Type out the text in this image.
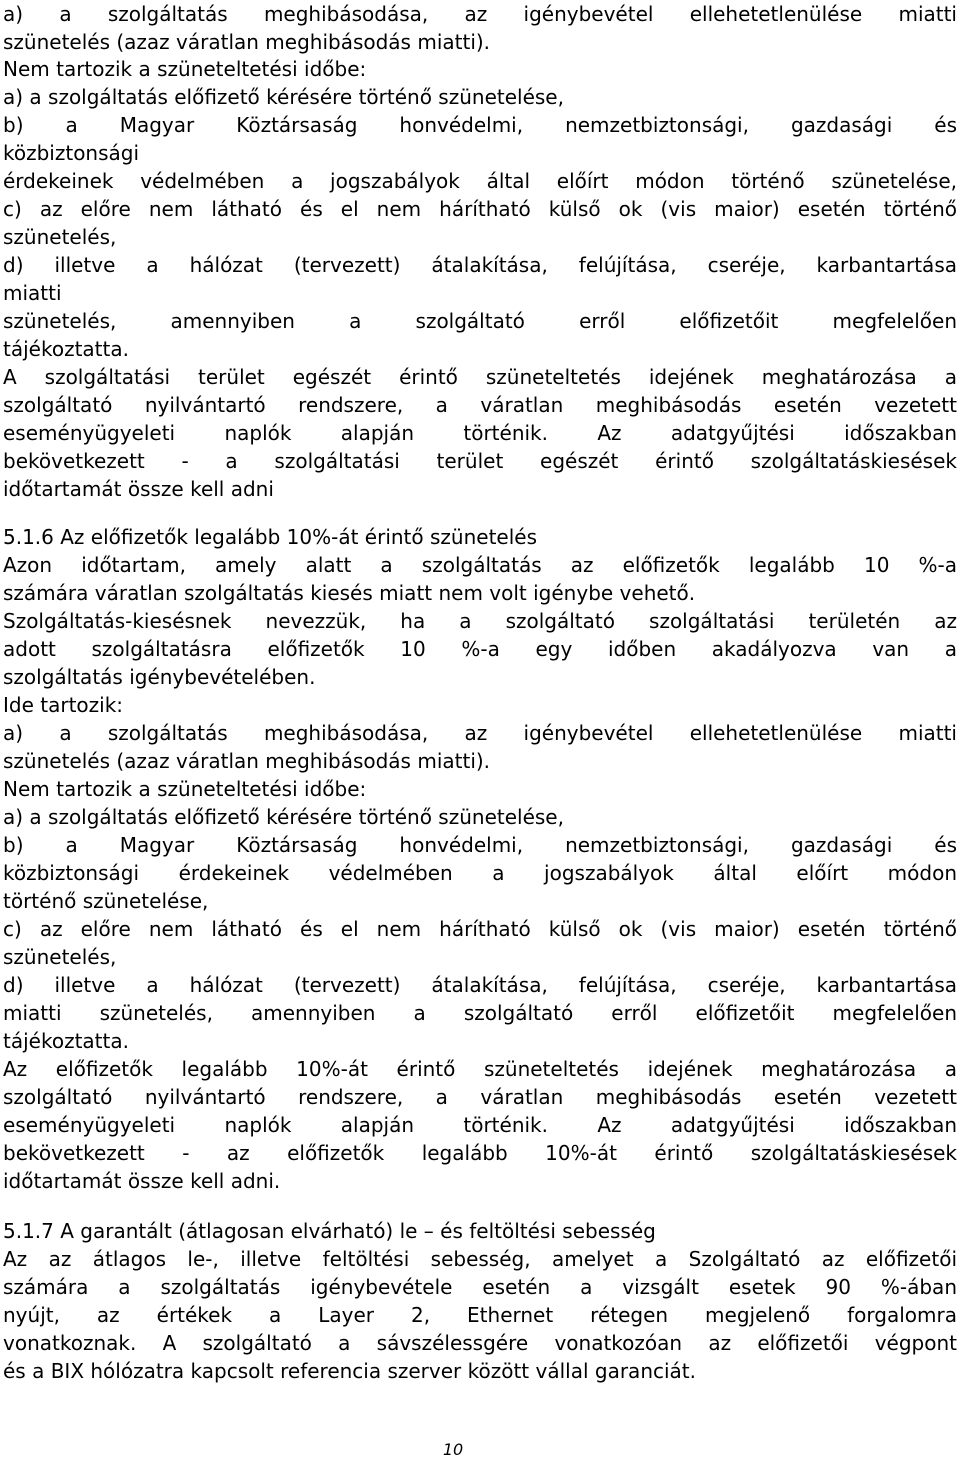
a) a szolgáltatás meghibásodása, az igénybevétel ellehetetlenülése miatti
szünetelés (azaz váratlan meghibásodás miatti).
Nem tartozik a szüneteltetési időbe:
a) a szolgáltatás előfizető kérésére történő szünetelése,
b) a Magyar Köztársaság honvédelmi, nemzetbiztonsági, gazdasági és
közbiztonsági
érdekeinek védelmében a jogszabályok által előírt módon történő szünetelése,
c) az előre nem látható és el nem hárítható külső ok (vis maior) esetén történő
szünetelés,
d) illetve a hálózat (tervezett) átalakítása, felújítása, cseréje, karbantartása
miatti
szünetelés, amennyiben a szolgáltató erről előfizetőit megfelelően
tájékoztatta.
A szolgáltatási terület egészét érintő szüneteltetés idejének meghatározása a
szolgáltató nyilvántartó rendszere, a váratlan meghibásodás esetén vezetett
eseményügyeleti naplók alapján történik. Az adatgyűjtési időszakban
bekövetkezett - a szolgáltatási terület egészét érintő szolgáltatáskiesések
időtartamát össze kell adni
5.1.6 Az előfizetők legalább 10%-át érintő szünetelés
Azon időtartam, amely alatt a szolgáltatás az előfizetők legalább 10 %-a
számára váratlan szolgáltatás kiesés miatt nem volt igénybe vehető.
Szolgáltatás-kiesésnek nevezzük, ha a szolgáltató szolgáltatási területén az
adott szolgáltatásra előfizetők 10 %-a egy időben akadályozva van a
szolgáltatás igénybevételében.
Ide tartozik:
a) a szolgáltatás meghibásodása, az igénybevétel ellehetetlenülése miatti
szünetelés (azaz váratlan meghibásodás miatti).
Nem tartozik a szüneteltetési időbe:
a) a szolgáltatás előfizető kérésére történő szünetelése,
b) a Magyar Köztársaság honvédelmi, nemzetbiztonsági, gazdasági és
közbiztonsági érdekeinek védelmében a jogszabályok által előírt módon
történő szünetelése,
c) az előre nem látható és el nem hárítható külső ok (vis maior) esetén történő
szünetelés,
d) illetve a hálózat (tervezett) átalakítása, felújítása, cseréje, karbantartása
miatti szünetelés, amennyiben a szolgáltató erről előfizetőit megfelelően
tájékoztatta.
Az előfizetők legalább 10%-át érintő szüneteltetés idejének meghatározása a
szolgáltató nyilvántartó rendszere, a váratlan meghibásodás esetén vezetett
eseményügyeleti naplók alapján történik. Az adatgyűjtési időszakban
bekövetkezett - az előfizetők legalább 10%-át érintő szolgáltatáskiesések
időtartamát össze kell adni.
5.1.7 A garantált (átlagosan elvárható) le – és feltöltési sebesség
Az az átlagos le-, illetve feltöltési sebesség, amelyet a Szolgáltató az előfizetői
számára a szolgáltatás igénybevétele esetén a vizsgált esetek 90 %-ában
nyújt, az értékek a Layer 2, Ethernet rétegen megjelenő forgalomra
vonatkoznak. A szolgáltató a sávszélessgére vonatkozóan az előfizetői végpont
és a BIX hólózatra kapcsolt referencia szerver között vállal garanciát.
10
